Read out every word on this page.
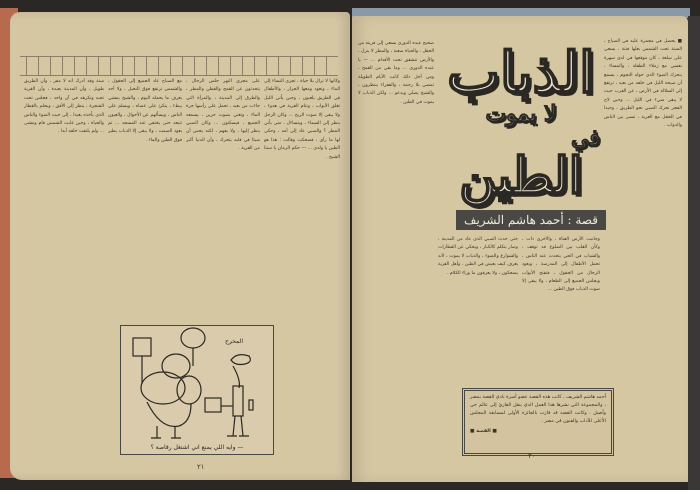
وكأنها لا تزال بلا حياة ، تجري النساء إلى الماء ، وتعود ومعها الجرار ، والأطفال في الطريق يلعبون ، وحين يأتي الليل تغلق الأبواب ، وتنام القرية في هدوء ، ولا يبقى إلا صوت الريح ... وكان الرجل ينظر إلى السماء ، ويتساءل ، متى يأتي المطر ؟ والصبي عاد إلى أمه ، وحكى لها ما رأى ، فضحكت وقالت : هذا هو الطين يا ولدي ... — حكم الزمان يا ستنا الشيخ .
على مجرى النهر جلس الرجال ، يتحدثون عن القمح والقطن والمطر ، والطرق إلى المدينة ، والمرأة التي جاءت من بعيد ، تحمل على رأسها جرة الماء ، وتغني بصوت حزين ، يسمعه الجميع ، فيسكتون ... وكان الصبي ينظر إليها ، ولا يفهم ، لكنه يحس أن شيئا في قلبه يتحرك ، وأن الدنيا أكبر من القرية .
مع الصباح عاد الجميع إلى الحقول ، والشمس ترتفع فوق النخيل ، ولا أحد يعرف ما يحمله اليوم ، والشيخ يمشي ببطء ، يتكئ على عصاه ، ويسلم على الناس ، ويسألهم عن الأحوال ، والعيون تتبعه حتى يختفي عند المسجد ... ثم يعود الصمت ، ولا يبقى إلا الذباب يطير فوق الطين والماء .
سنة وقد أدرك أنه لا مفر ، وأن الطريق طويل ، وأن المدينة بعيدة ، وأن القرية تحبه وتكرهه في آن واحد ، فجلس تحت الشجرة ، ينظر إلى الأفق ، ويحلم بالقطار الذي يأخذه بعيدا ، إلى حيث الضوء والناس والحياة ، وحين غابت الشمس قام ومشى ... ولم يلتفت خلفه أبدا .
المخرج
— وايه اللي يمنع اني اشتغل رقاصة ؟
٢١
■ يحصل في مجمرة عليه في الصباح ، السنة تحت الشمس بعلها فتنة ، يسعى على سلعة ، كان موقعها في لدى سهرة نفسي مع زملاء الطفلة ، والمساء ، يتحرك الضوء الذي حوله النجوم ، يسمع أن صيحة الليل في خلفه من بعيد ، ترتفع إلى السلالة في الأرض ، عن القرب حيث لا يبقى شيء في الليل ... وحين لاح الفجر تحرك الصبي نحو الطريق ، وحيدا في الحقل مع العربة ، تسير بين الناس والدواب .
الذباب
لا يموت
في
الطين
قصة : أحمد هاشم الشريف
وجانبت الأرض الفتاة ، والأخرى ذات ، وكأن القلب بين الضلوع قد توقف ، والشباب في الحي يتحدث عنه الناس ، تحمل الأطفال إلى المدرسة ، ويعود الرجال من الحقول ، فتفتح الأبواب ويجلس الجميع إلى الطعام ، ولا يبقى إلا صوت الذباب فوق الطين ...
حتى حدث الصبي الذي عاد من المدينة ، وصار يتكلم كالكبار ، ويحكي عن القطارات والشوارع والضوء ، والذباب لا يموت ، لأنه يعرف كيف يعيش في الطين ، وأهل القرية يضحكون ، ولا يعرفون ما وراء الكلام .
صحيح عبده الدوري يسعى إلى قريته من الحقل ، والحياة صعبة ، والمطر لا ينزل ، والأرض تتشقق تحت الأقدام ... — يا عبده الدوري ... وما بقي من القمح ، ومن أجل ذلك كانت الأيام الطويلة تمضي بلا رحمة ، والفقراء ينتظرون ، والشيخ يصلي ويدعو ... ولكن الذباب لا يموت في الطين .
أحمد هاشم الشريف ، كاتب هذه القصة عضو أسرة نادي القصة بمصر ، والمجموعة التي نشرها هذا العمل الذي ينقل القارئ إلى عالم حي وأصيل . وكانت القصة قد فازت بالجائزة الأولى لمسابقة المجلس الأعلى للآداب والفنون في مصر .
■ القصة ■
٢٠
